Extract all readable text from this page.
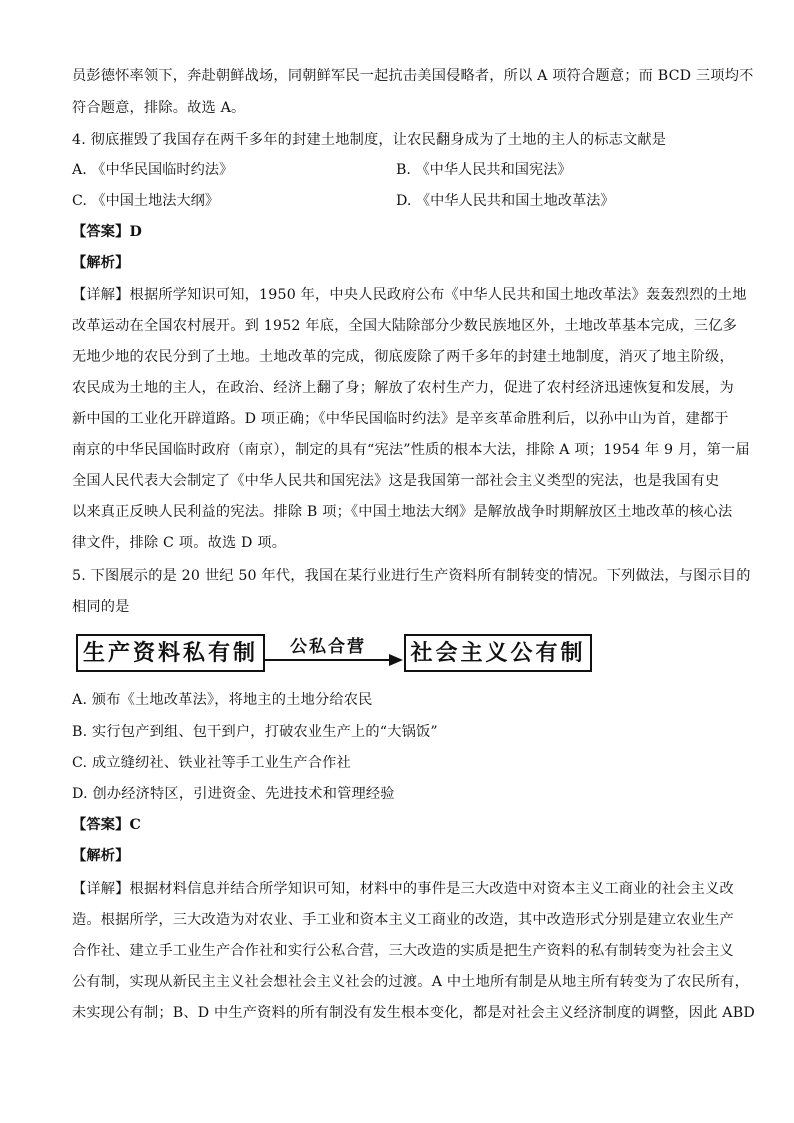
员彭德怀率领下，奔赴朝鲜战场，同朝鲜军民一起抗击美国侵略者，所以 A 项符合题意；而 BCD 三项均不
符合题意，排除。故选 A。
4. 彻底摧毁了我国存在两千多年的封建土地制度，让农民翻身成为了土地的主人的标志文献是
A. 《中华民国临时约法》	B. 《中华人民共和国宪法》
C. 《中国土地法大纲》	D. 《中华人民共和国土地改革法》
【答案】D
【解析】
【详解】根据所学知识可知，1950 年，中央人民政府公布《中华人民共和国土地改革法》轰轰烈烈的土地
改革运动在全国农村展开。到 1952 年底，全国大陆除部分少数民族地区外，土地改革基本完成，三亿多
无地少地的农民分到了土地。土地改革的完成，彻底废除了两千多年的封建土地制度，消灭了地主阶级，
农民成为土地的主人，在政治、经济上翻了身；解放了农村生产力，促进了农村经济迅速恢复和发展，为
新中国的工业化开辟道路。D 项正确；《中华民国临时约法》是辛亥革命胜利后，以孙中山为首，建都于
南京的中华民国临时政府（南京），制定的具有“宪法”性质的根本大法，排除 A 项；1954 年 9 月，第一届
全国人民代表大会制定了《中华人民共和国宪法》这是我国第一部社会主义类型的宪法，也是我国有史
以来真正反映人民利益的宪法。排除 B 项；《中国土地法大纲》是解放战争时期解放区土地改革的核心法
律文件，排除 C 项。故选 D 项。
5. 下图展示的是 20 世纪 50 年代，我国在某行业进行生产资料所有制转变的情况。下列做法，与图示目的
相同的是
生产资料私有制	公私合营 社会主义公有制
A. 颁布《土地改革法》，将地主的土地分给农民
B. 实行包产到组、包干到户，打破农业生产上的“大锅饭”
C. 成立缝纫社、铁业社等手工业生产合作社
D. 创办经济特区，引进资金、先进技术和管理经验
【答案】C
【解析】
【详解】根据材料信息并结合所学知识可知，材料中的事件是三大改造中对资本主义工商业的社会主义改
造。根据所学，三大改造为对农业、手工业和资本主义工商业的改造，其中改造形式分别是建立农业生产
合作社、建立手工业生产合作社和实行公私合营，三大改造的实质是把生产资料的私有制转变为社会主义
公有制，实现从新民主主义社会想社会主义社会的过渡。A 中土地所有制是从地主所有转变为了农民所有，
未实现公有制；B、D 中生产资料的所有制没有发生根本变化，都是对社会主义经济制度的调整，因此 ABD
